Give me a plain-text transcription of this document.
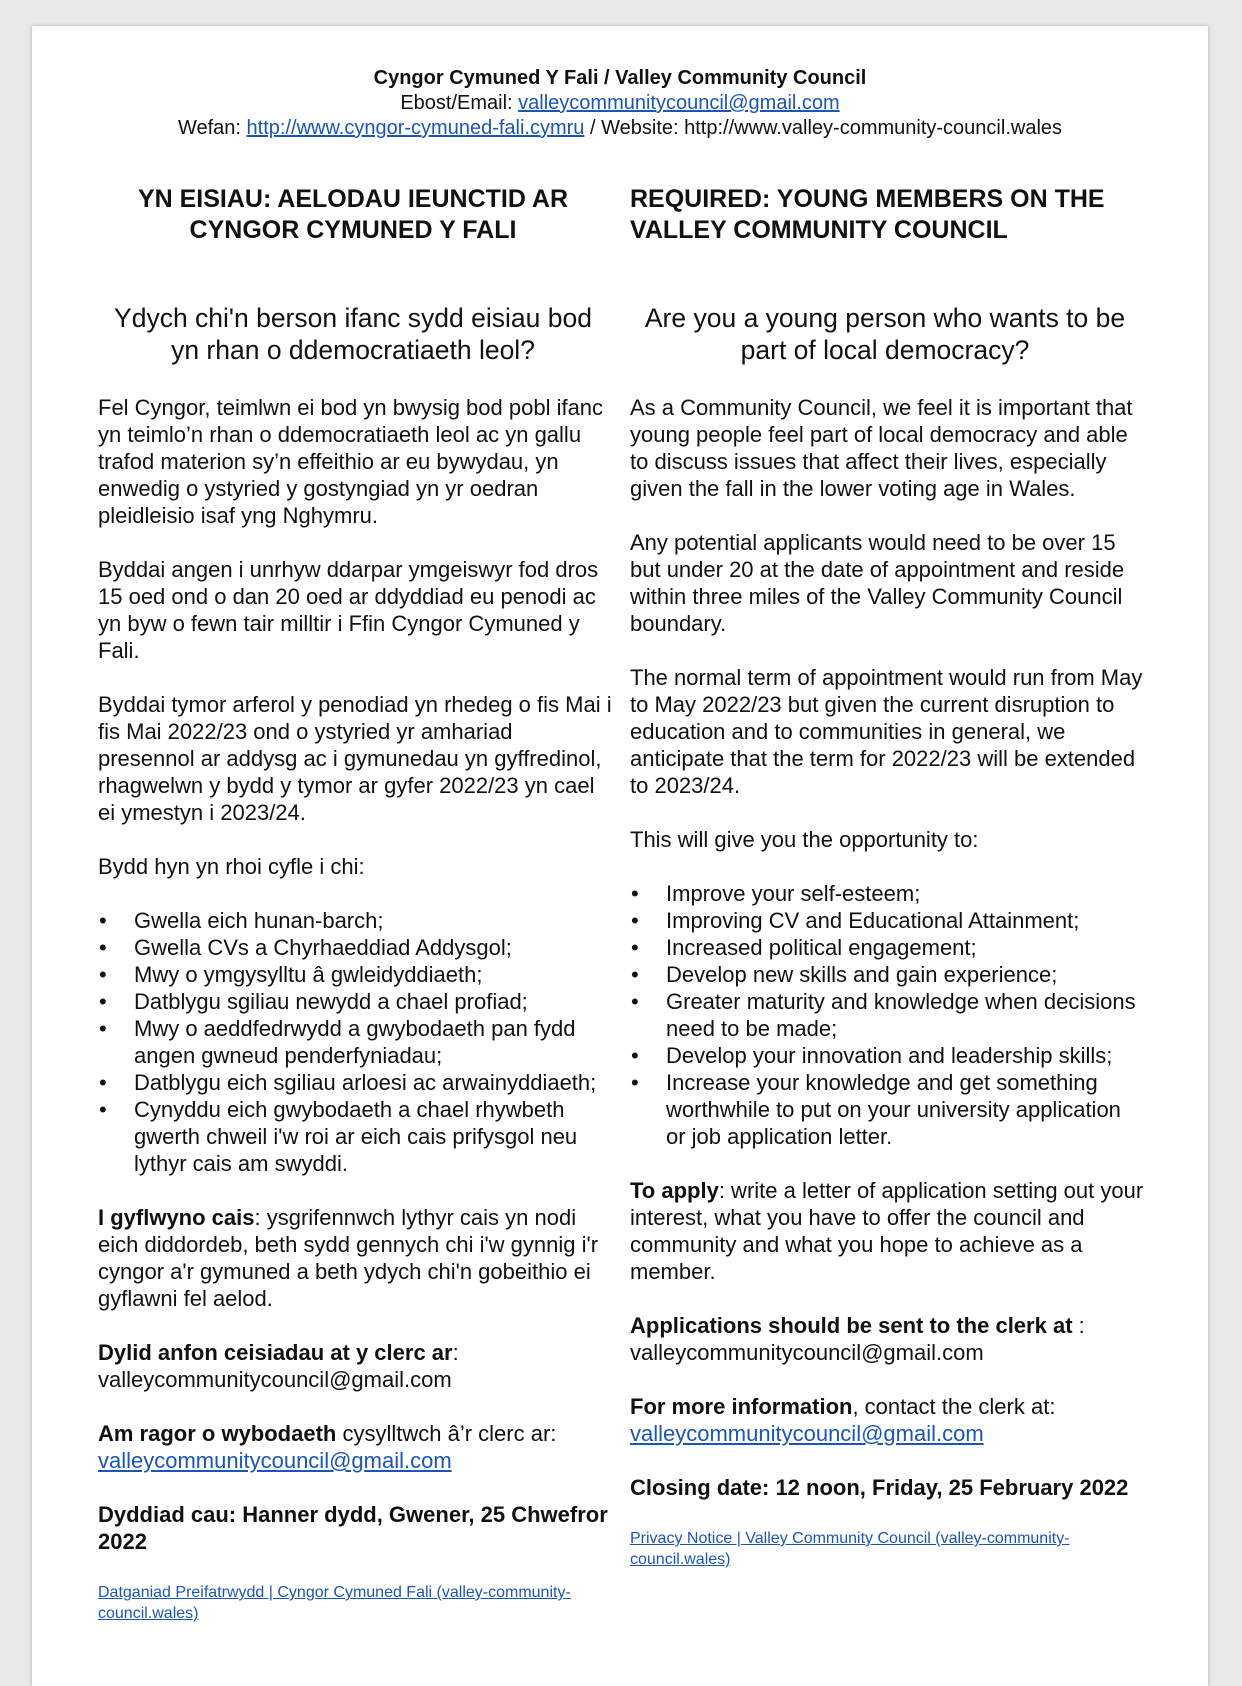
Cyngor Cymuned Y Fali / Valley Community Council
Ebost/Email: valleycommunitycouncil@gmail.com
Wefan: http://www.cyngor-cymuned-fali.cymru / Website: http://www.valley-community-council.wales
YN EISIAU: AELODAU IEUNCTID AR CYNGOR CYMUNED Y FALI
Ydych chi'n berson ifanc sydd eisiau bod yn rhan o ddemocratiaeth leol?

Fel Cyngor, teimlwn ei bod yn bwysig bod pobl ifanc yn teimlo’n rhan o ddemocratiaeth leol ac yn gallu trafod materion sy’n effeithio ar eu bywydau, yn enwedig o ystyried y gostyngiad yn yr oedran pleidleisio isaf yng Nghymru.

Byddai angen i unrhyw ddarpar ymgeiswyr fod dros 15 oed ond o dan 20 oed ar ddyddiad eu penodi ac yn byw o fewn tair milltir i Ffin Cyngor Cymuned y Fali.

Byddai tymor arferol y penodiad yn rhedeg o fis Mai i fis Mai 2022/23 ond o ystyried yr amhariad presennol ar addysg ac i gymunedau yn gyffredinol, rhagwelwn y bydd y tymor ar gyfer 2022/23 yn cael ei ymestyn i 2023/24.

Bydd hyn yn rhoi cyfle i chi:

• Gwella eich hunan-barch;
• Gwella CVs a Chyrhaeddiad Addysgol;
• Mwy o ymgysylltu â gwleidyddiaeth;
• Datblygu sgiliau newydd a chael profiad;
• Mwy o aeddfedrwydd a gwybodaeth pan fydd angen gwneud penderfyniadau;
• Datblygu eich sgiliau arloesi ac arwainyddiaeth;
• Cynyddu eich gwybodaeth a chael rhywbeth gwerth chweil i'w roi ar eich cais prifysgol neu lythyr cais am swyddi.

I gyflwyno cais: ysgrifennwch lythyr cais yn nodi eich diddordeb, beth sydd gennych chi i'w gynnig i'r cyngor a'r gymuned a beth ydych chi'n gobeithio ei gyflawni fel aelod.

Dylid anfon ceisiadau at y clerc ar:
valleycommunitycouncil@gmail.com

Am ragor o wybodaeth cysylltwch â’r clerc ar:
valleycommunitycouncil@gmail.com

Dyddiad cau: Hanner dydd, Gwener, 25 Chwefror 2022

Datganiad Preifatrwydd | Cyngor Cymuned Fali (valley-community-council.wales)
REQUIRED: YOUNG MEMBERS ON THE VALLEY COMMUNITY COUNCIL
Are you a young person who wants to be part of local democracy?

As a Community Council, we feel it is important that young people feel part of local democracy and able to discuss issues that affect their lives, especially given the fall in the lower voting age in Wales.

Any potential applicants would need to be over 15 but under 20 at the date of appointment and reside within three miles of the Valley Community Council boundary.

The normal term of appointment would run from May to May 2022/23 but given the current disruption to education and to communities in general, we anticipate that the term for 2022/23 will be extended to 2023/24.

This will give you the opportunity to:

• Improve your self-esteem;
• Improving CV and Educational Attainment;
• Increased political engagement;
• Develop new skills and gain experience;
• Greater maturity and knowledge when decisions need to be made;
• Develop your innovation and leadership skills;
• Increase your knowledge and get something worthwhile to put on your university application or job application letter.

To apply: write a letter of application setting out your interest, what you have to offer the council and community and what you hope to achieve as a member.

Applications should be sent to the clerk at :
valleycommunitycouncil@gmail.com

For more information, contact the clerk at:
valleycommunitycouncil@gmail.com

Closing date: 12 noon, Friday, 25 February 2022

Privacy Notice | Valley Community Council (valley-community-council.wales)
